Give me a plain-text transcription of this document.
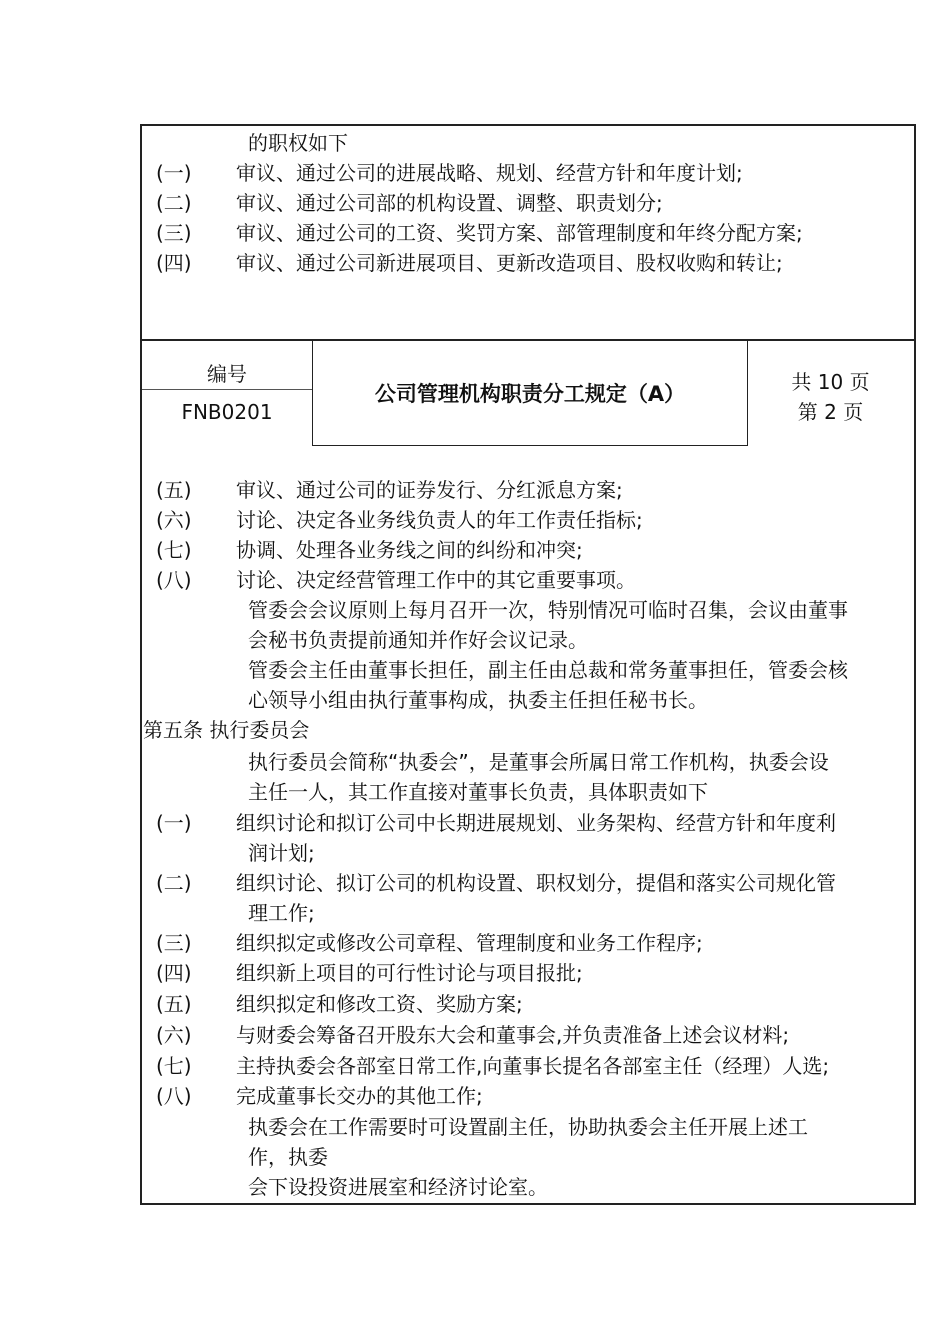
的职权如下
(一) 审议、通过公司的进展战略、规划、经营方针和年度计划;
(二) 审议、通过公司部的机构设置、调整、职责划分;
(三) 审议、通过公司的工资、奖罚方案、部管理制度和年终分配方案;
(四) 审议、通过公司新进展项目、更新改造项目、股权收购和转让;
编号
FNB0201
公司管理机构职责分工规定（A）	共 10 页
第 2 页
(五) 审议、通过公司的证券发行、分红派息方案;
(六) 讨论、决定各业务线负责人的年工作责任指标;
(七) 协调、处理各业务线之间的纠纷和冲突;
(八) 讨论、决定经营管理工作中的其它重要事项。
管委会会议原则上每月召开一次，特别情况可临时召集，会议由董事
会秘书负责提前通知并作好会议记录。
管委会主任由董事长担任，副主任由总裁和常务董事担任，管委会核
心领导小组由执行董事构成，执委主任担任秘书长。
第五条 执行委员会
执行委员会简称“执委会”，是董事会所属日常工作机构，执委会设
主任一人，其工作直接对董事长负责，具体职责如下
(一) 组织讨论和拟订公司中长期进展规划、业务架构、经营方针和年度利
润计划;
(二) 组织讨论、拟订公司的机构设置、职权划分，提倡和落实公司规化管
理工作;
(三) 组织拟定或修改公司章程、管理制度和业务工作程序;
(四) 组织新上项目的可行性讨论与项目报批;
(五) 组织拟定和修改工资、奖励方案;
(六) 与财委会筹备召开股东大会和董事会,并负责准备上述会议材料;
(七) 主持执委会各部室日常工作,向董事长提名各部室主任（经理）人选;
(八) 完成董事长交办的其他工作;
执委会在工作需要时可设置副主任，协助执委会主任开展上述工
作，执委
会下设投资进展室和经济讨论室。
